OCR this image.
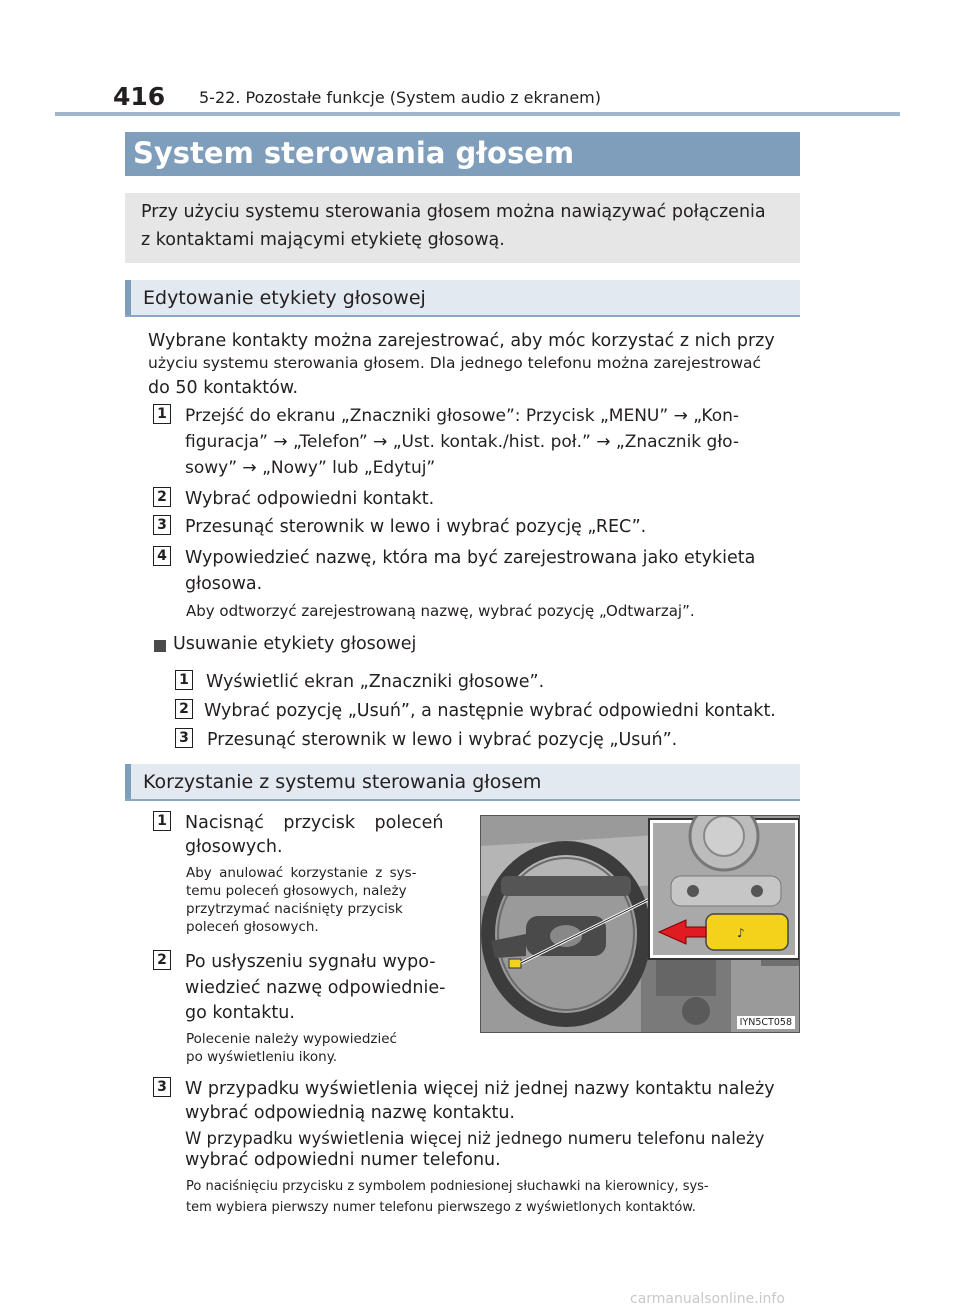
416 5-22. Pozostałe funkcje (System audio z ekranem)
System sterowania głosem
Przy użyciu systemu sterowania głosem można nawiązywać połączenia
z kontaktami mającymi etykietę głosową.
Edytowanie etykiety głosowej
Wybrane kontakty można zarejestrować, aby móc korzystać z nich przy
użyciu systemu sterowania głosem. Dla jednego telefonu można zarejestrować
do 50 kontaktów.
1 Przejść do ekranu „Znaczniki głosowe”: Przycisk „MENU” → „Kon-
figuracja” → „Telefon” → „Ust. kontak./hist. poł.” → „Znacznik gło-
sowy” → „Nowy” lub „Edytuj”
2 Wybrać odpowiedni kontakt.
3 Przesunąć sterownik w lewo i wybrać pozycję „REC”.
4 Wypowiedzieć nazwę, która ma być zarejestrowana jako etykieta
głosowa.
Aby odtworzyć zarejestrowaną nazwę, wybrać pozycję „Odtwarzaj”.
Usuwanie etykiety głosowej
1 Wyświetlić ekran „Znaczniki głosowe”.
2 Wybrać pozycję „Usuń”, a następnie wybrać odpowiedni kontakt.
3 Przesunąć sterownik w lewo i wybrać pozycję „Usuń”.
Korzystanie z systemu sterowania głosem
1 Nacisnąć przycisk poleceń
głosowych.
Aby anulować korzystanie z sys-
temu poleceń głosowych, należy
przytrzymać naciśnięty przycisk
poleceń głosowych.
2 Po usłyszeniu sygnału wypo-
wiedzieć nazwę odpowiednie-
go kontaktu.
Polecenie należy wypowiedzieć
po wyświetleniu ikony.
♪
IYN5CT058
3 W przypadku wyświetlenia więcej niż jednej nazwy kontaktu należy
wybrać odpowiednią nazwę kontaktu.
W przypadku wyświetlenia więcej niż jednego numeru telefonu należy
wybrać odpowiedni numer telefonu.
Po naciśnięciu przycisku z symbolem podniesionej słuchawki na kierownicy, sys-
tem wybiera pierwszy numer telefonu pierwszego z wyświetlonych kontaktów.
carmanualsonline.info
